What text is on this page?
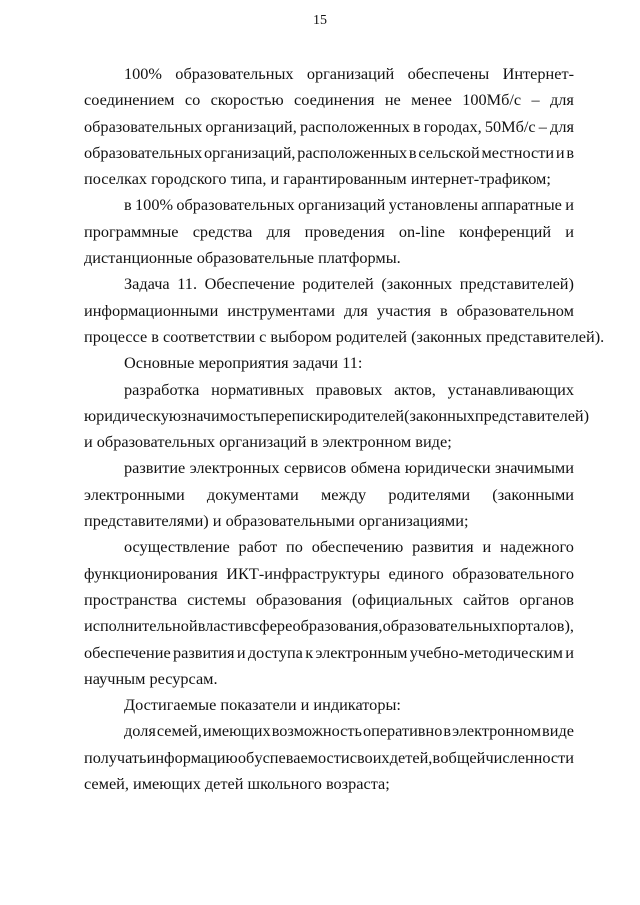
15
100% образовательных организаций обеспечены Интернет-
соединением со скоростью соединения не менее 100Мб/с – для
образовательных организаций, расположенных в городах, 50Мб/с – для
образовательных организаций, расположенных в сельской местности и в
поселках городского типа, и гарантированным интернет-трафиком;
в 100% образовательных организаций установлены аппаратные и
программные средства для проведения on-line конференций и
дистанционные образовательные платформы.
Задача 11. Обеспечение родителей (законных представителей)
информационными инструментами для участия в образовательном
процессе в соответствии с выбором родителей (законных представителей).
Основные мероприятия задачи 11:
разработка нормативных правовых актов, устанавливающих
юридическую значимость переписки родителей (законных представителей)
и образовательных организаций в электронном виде;
развитие электронных сервисов обмена юридически значимыми
электронными документами между родителями (законными
представителями) и образовательными организациями;
осуществление работ по обеспечению развития и надежного
функционирования ИКТ-инфраструктуры единого образовательного
пространства системы образования (официальных сайтов органов
исполнительной власти в сфере образования, образовательных порталов),
обеспечение развития и доступа к электронным учебно-методическим и
научным ресурсам.
Достигаемые показатели и индикаторы:
доля семей, имеющих возможность оперативно в электронном виде
получать информацию об успеваемости своих детей, в общей численности
семей, имеющих детей школьного возраста;
